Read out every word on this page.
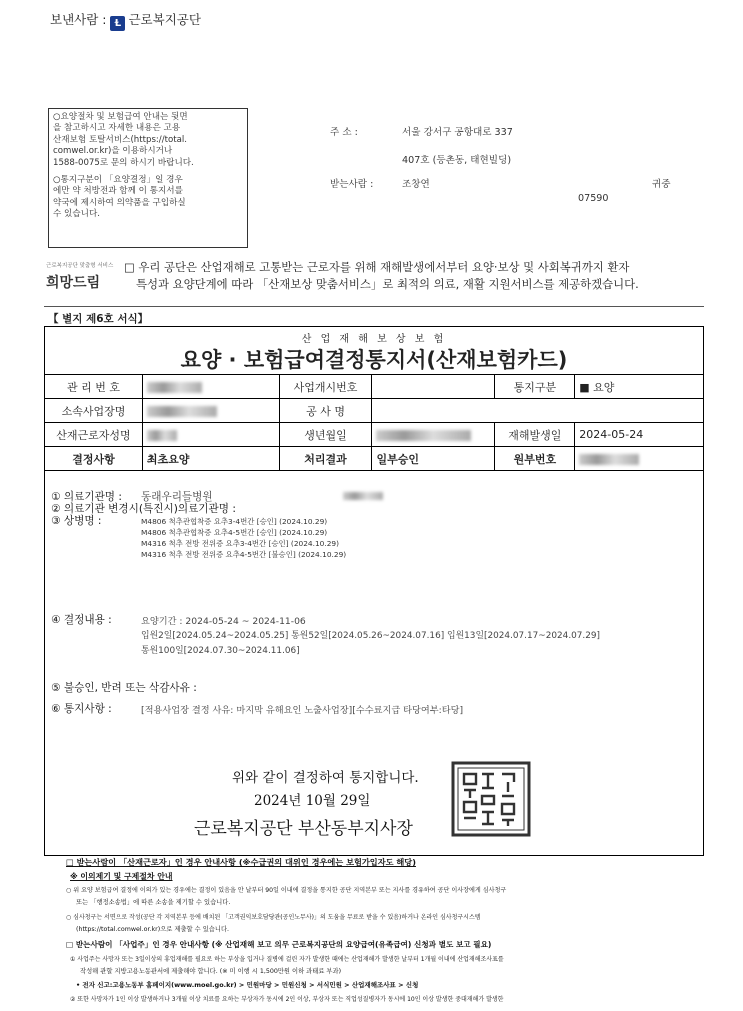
보낸사람 : Ɫ 근로복지공단

○요양절차 및 보험급여 안내는 뒷면
을 참고하시고 자세한 내용은 고용
산재보험 토탈서비스(https://total.
comwel.or.kr)을 이용하시거나
1588-0075로 문의 하시기 바랍니다.

○통지구분이 「요양결정」일 경우
에만 약 처방전과 함께 이 통지서를
약국에 제시하여 의약품을 구입하실
수 있습니다.

주 소 :	서울 강서구 공항대로 337
407호 (등촌동, 태현빌딩)
받는사람 :	조창연	귀중
07590
근로복지공단 맞춤형 서비스
희망드림
□ 우리 공단은 산업재해로 고통받는 근로자를 위해 재해발생에서부터 요양·보상 및 사회복귀까지 환자
특성과 요양단계에 따라 「산재보상 맞춤서비스」로 최적의 의료, 재활 지원서비스를 제공하겠습니다.
【 별지 제6호 서식】
산 업 재 해 보 상 보 험
요양 · 보험급여결정통지서(산재보험카드)
관 리 번 호		사업개시번호		통지구분	■ 요양
소속사업장명		공 사 명			
산재근로자성명		생년월일		재해발생일	2024-05-24
결정사항	최초요양	처리결과	일부승인	원부번호	
① 의료기관명 : 동래우리들병원
② 의료기관 변경시(특진시)의료기관명 :
③ 상병명 :	M4806 척추관협착증 요추3-4번간 [승인] (2024.10.29)
M4806 척추관협착증 요추4-5번간 [승인] (2024.10.29)
M4316 척추 전방 전위증 요추3-4번간 [승인] (2024.10.29)
M4316 척추 전방 전위증 요추4-5번간 [불승인] (2024.10.29)
④ 결정내용 :	요양기간 : 2024-05-24 ~ 2024-11-06
입원2일[2024.05.24~2024.05.25] 통원52일[2024.05.26~2024.07.16] 입원13일[2024.07.17~2024.07.29]
통원100일[2024.07.30~2024.11.06]
⑤ 불승인, 반려 또는 삭감사유 :
⑥ 통지사항 :	[적용사업장 결정 사유: 마지막 유해요인 노출사업장][수수료지급 타당여부:타당]
위와 같이 결정하여 통지합니다.
2024년 10월 29일
근로복지공단 부산동부지사장
□ 받는사람이 「산재근로자」인 경우 안내사항 (※수급권의 대위인 경우에는 보험가입자도 해당)
※ 이의제기 및 구제절차 안내
○ 위 요양 보험급여 결정에 이의가 있는 경우에는 결정이 있음을 안 날부터 90일 이내에 결정을 통지한 공단 지역본부 또는 지사를 경유하여 공단 이사장에게 심사청구
또는 「행정소송법」에 따른 소송을 제기할 수 있습니다.
○ 심사청구는 서면으로 작성(공단 각 지역본부 등에 배치된 「고객권익보호담당관(공인노무사)」의 도움을 무료로 받을 수 있음)하거나 온라인 심사청구시스템
(https://total.comwel.or.kr)으로 제출할 수 있습니다.
□ 받는사람이 「사업주」인 경우 안내사항 (※ 산업재해 보고 의무 근로복지공단의 요양급여(유족급여) 신청과 별도 보고 필요)
① 사업주는 사망자 또는 3일이상의 휴업재해를 필요로 하는 부상을 입거나 질병에 걸린 자가 발생한 때에는 산업재해가 발생한 날부터 1개월 이내에 산업재해조사표를
작성해 관할 지방고용노동관서에 제출해야 합니다. (※ 미 이행 시 1,500만원 이하 과태료 부과)
• 전자 신고:고용노동부 홈페이지(www.moel.go.kr) > 민원마당 > 민원신청 > 서식민원 > 산업재해조사표 > 신청
② 또한 사망자가 1인 이상 발생하거나 3개월 이상 치료를 요하는 부상자가 동시에 2인 이상, 부상자 또는 직업성질병자가 동시에 10인 이상 발생한 중대재해가 발생한
